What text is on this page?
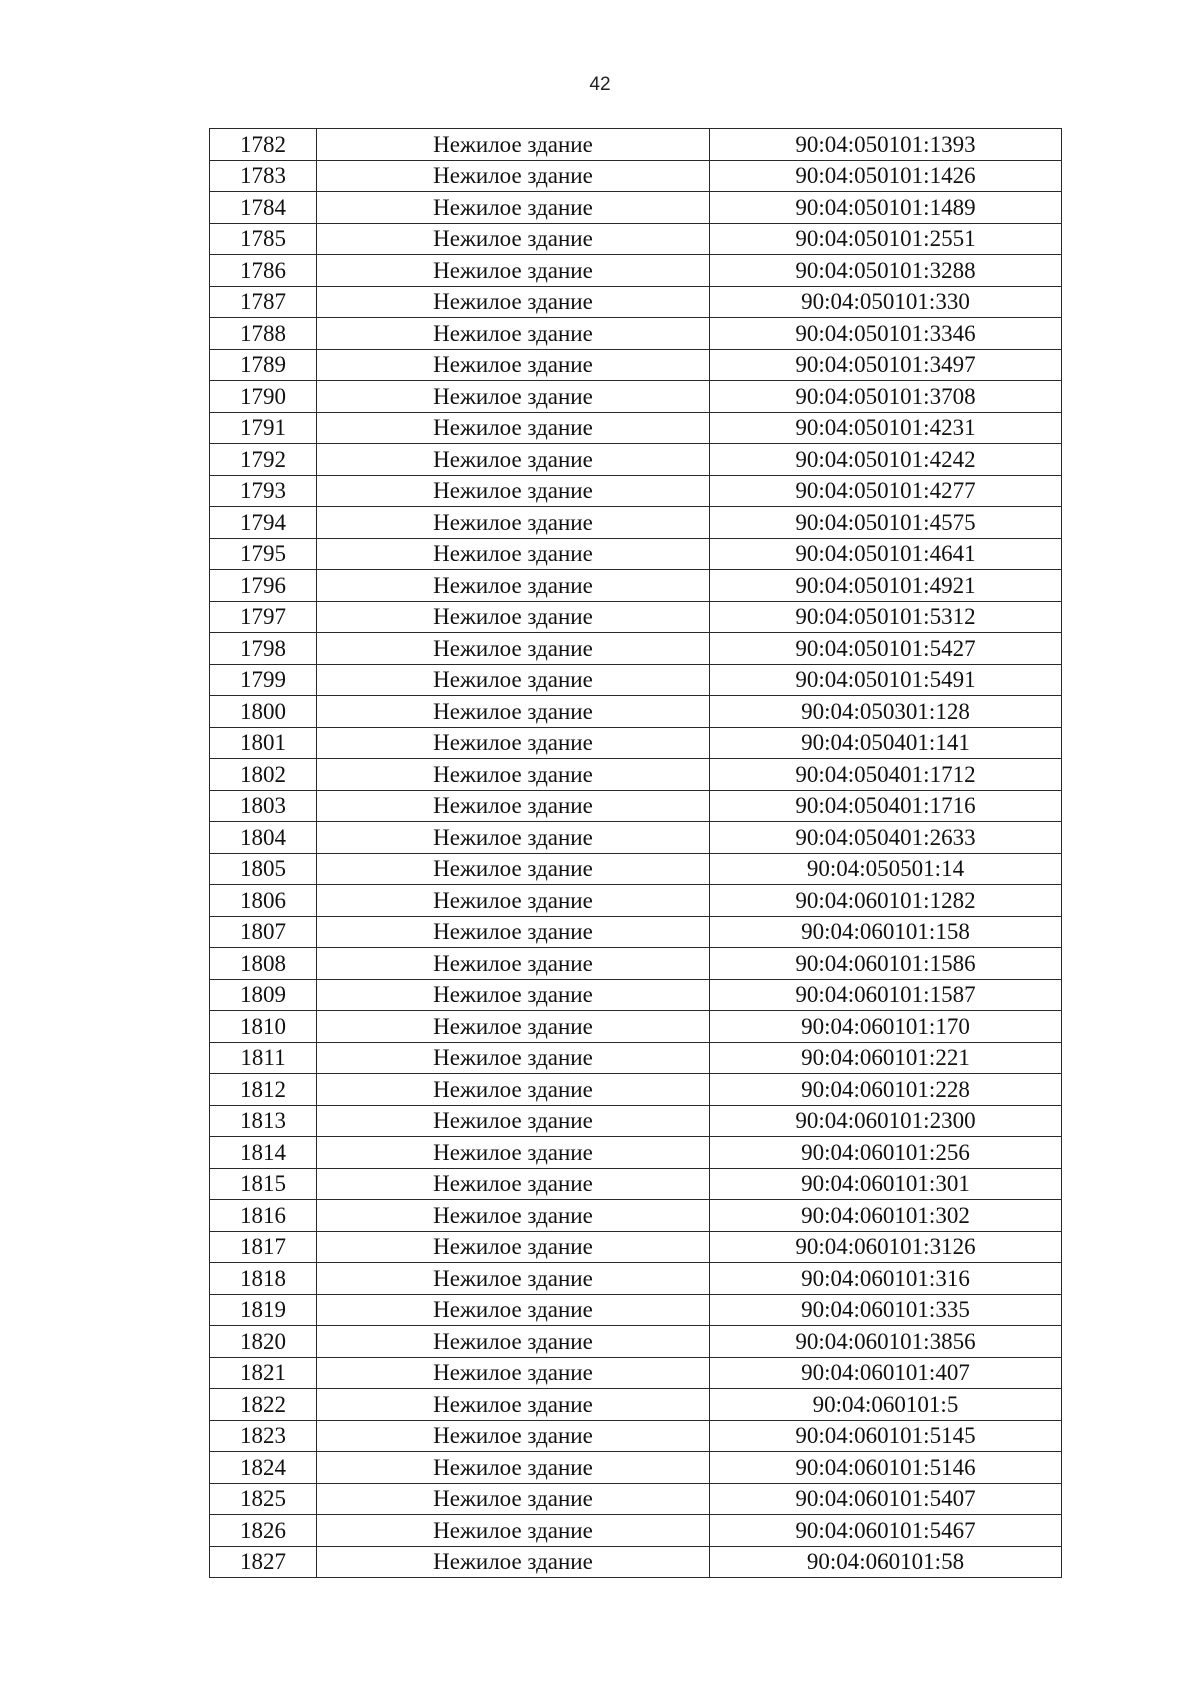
42
1782	Нежилое здание	90:04:050101:1393
1783	Нежилое здание	90:04:050101:1426
1784	Нежилое здание	90:04:050101:1489
1785	Нежилое здание	90:04:050101:2551
1786	Нежилое здание	90:04:050101:3288
1787	Нежилое здание	90:04:050101:330
1788	Нежилое здание	90:04:050101:3346
1789	Нежилое здание	90:04:050101:3497
1790	Нежилое здание	90:04:050101:3708
1791	Нежилое здание	90:04:050101:4231
1792	Нежилое здание	90:04:050101:4242
1793	Нежилое здание	90:04:050101:4277
1794	Нежилое здание	90:04:050101:4575
1795	Нежилое здание	90:04:050101:4641
1796	Нежилое здание	90:04:050101:4921
1797	Нежилое здание	90:04:050101:5312
1798	Нежилое здание	90:04:050101:5427
1799	Нежилое здание	90:04:050101:5491
1800	Нежилое здание	90:04:050301:128
1801	Нежилое здание	90:04:050401:141
1802	Нежилое здание	90:04:050401:1712
1803	Нежилое здание	90:04:050401:1716
1804	Нежилое здание	90:04:050401:2633
1805	Нежилое здание	90:04:050501:14
1806	Нежилое здание	90:04:060101:1282
1807	Нежилое здание	90:04:060101:158
1808	Нежилое здание	90:04:060101:1586
1809	Нежилое здание	90:04:060101:1587
1810	Нежилое здание	90:04:060101:170
1811	Нежилое здание	90:04:060101:221
1812	Нежилое здание	90:04:060101:228
1813	Нежилое здание	90:04:060101:2300
1814	Нежилое здание	90:04:060101:256
1815	Нежилое здание	90:04:060101:301
1816	Нежилое здание	90:04:060101:302
1817	Нежилое здание	90:04:060101:3126
1818	Нежилое здание	90:04:060101:316
1819	Нежилое здание	90:04:060101:335
1820	Нежилое здание	90:04:060101:3856
1821	Нежилое здание	90:04:060101:407
1822	Нежилое здание	90:04:060101:5
1823	Нежилое здание	90:04:060101:5145
1824	Нежилое здание	90:04:060101:5146
1825	Нежилое здание	90:04:060101:5407
1826	Нежилое здание	90:04:060101:5467
1827	Нежилое здание	90:04:060101:58
